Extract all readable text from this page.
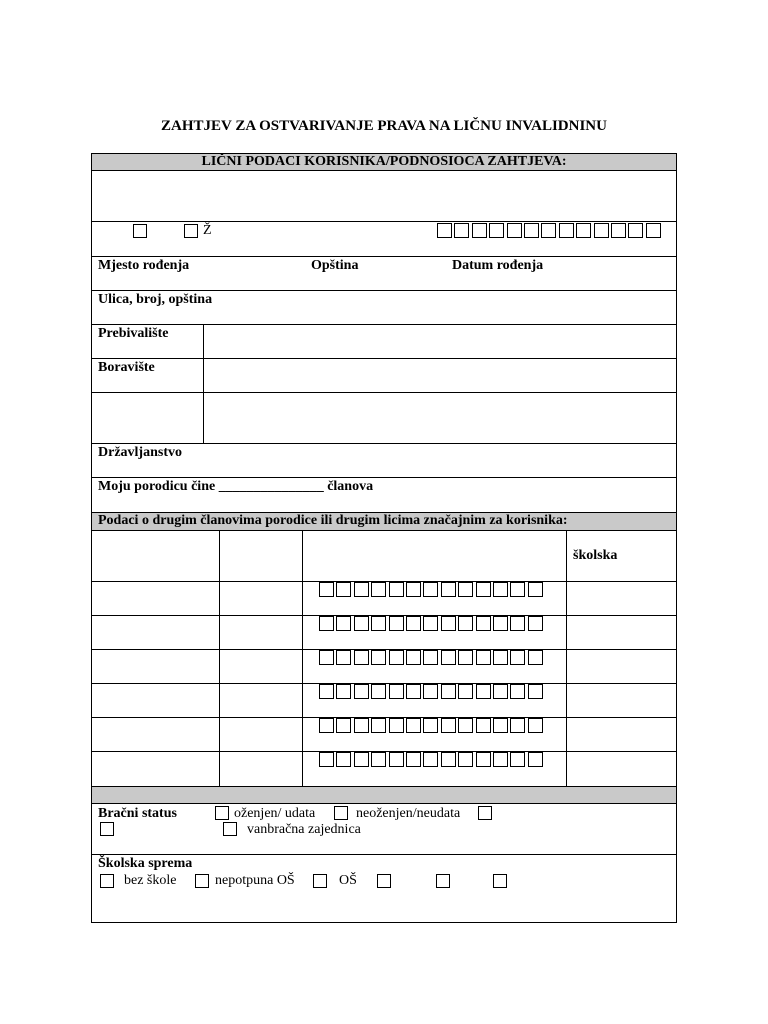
ZAHTJEV ZA OSTVARIVANJE PRAVA NA LIČNU INVALIDNINU
LIČNI PODACI KORISNIKA/PODNOSIOCA ZAHTJEVA:
Ž
Mjesto rođenja	Opština	Datum rođenja
Ulica, broj, opština
Prebivalište
Boravište
Državljanstvo
Moju porodicu čine _______________ članova
Podaci o drugim članovima porodice ili drugim licima značajnim za korisnika:
školska
Bračni status	oženjen/ udata	neoženjen/neudata
vanbračna zajednica
Školska sprema
bez škole	nepotpuna OŠ	OŠ
